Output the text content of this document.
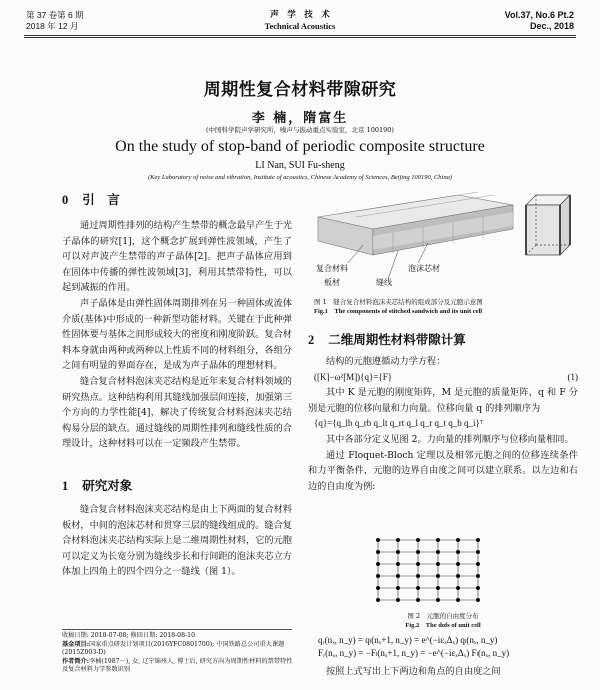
第 37 卷第 6 期
2018 年 12 月
声　学　技　术
Technical Acoustics
Vol.37, No.6 Pt.2
Dec., 2018
周期性复合材料带隙研究
李 楠，隋富生
(中国科学院声学研究所，噪声与振动重点实验室，北京 100190)
On the study of stop-band of periodic composite structure
LI Nan, SUI Fu-sheng
(Key Laboratory of noise and vibration, Institute of acoustics, Chinese Academy of Sciences, Beijing 100190, China)
0 引　言

通过周期性排列的结构产生禁带的概念最早产生于光子晶体的研究[1]，这个概念扩展到弹性波领域，产生了可以对声波产生禁带的声子晶体[2]。把声子晶体应用到在固体中传播的弹性波领域[3]，利用其禁带特性，可以起到减振的作用。

声子晶体是由弹性固体周期排列在另一种固体或流体介质(基体)中形成的一种新型功能材料。关键在于此种弹性固体要与基体之间形成较大的密度和刚度阶跃。复合材料本身就由两种或两种以上性质不同的材料组分，各组分之间有明显的界面存在，是成为声子晶体的理想材料。

缝合复合材料泡沫夹芯结构是近年来复合材料领域的研究热点。这种结构利用其缝线加强层间连接，加强第三个方向的力学性能[4]，解决了传统复合材料泡沫夹芯结构易分层的缺点。通过缝线的周期性排列和缝线性质的合理设计，这种材料可以在一定频段产生禁带。

1 研究对象

缝合复合材料泡沫夹芯结构是由上下两面的复合材料板材，中间的泡沫芯材和贯穿三层的缝线组成的。缝合复合材料泡沫夹芯结构实际上是二维周期性材料，它的元胞可以定义为长宽分别为缝线步长和行间距的泡沫夹芯立方体加上四角上的四个四分之一缝线（图 1）。

收稿日期: 2018-07-08; 修回日期: 2018-08-10
基金项目:国家重点研发计划项目(2016YFC0801700); 中国铁路总公司重大课题(2015Z003-D)
作者简介:李楠(1987－), 女, 辽宁锦州人, 博士后, 研究方向为周期性材料的禁带特性及复合材料力学参数识别
复合材料	泡沫芯材
板材	缝线
图 1　缝合复合材料泡沫夹芯结构的组成部分及元胞示意图
Fig.1　The components of stitched sandwich and its unit cell
2 二维周期性材料带隙计算

结构的元胞遵循动力学方程：

([K]−ω²[M]){q}={F}	(1)

其中 K 是元胞的刚度矩阵，M 是元胞的质量矩阵，q 和 F 分别是元胞的位移向量和力向量。位移向量 q 的排列顺序为

{q}={q_lb q_rb q_lt q_rt q_l q_r q_t q_b q_i}ᵀ

其中各部分定义见图 2。力向量的排列顺序与位移向量相同。

通过 Floquet-Bloch 定理以及相邻元胞之间的位移连续条件和力平衡条件，元胞的边界自由度之间可以建立联系。以左边和右边的自由度为例:

图 2　元胞的自由度分布
Fig.2　The dofs of unit cell
qᵣ(nₓ, n_y) = qₗ(nₓ+1, n_y) = e^(−iεₓΔₓ) qₗ(nₓ, n_y)
Fᵣ(nₓ, n_y) = −Fₗ(nₓ+1, n_y) = −e^(−iεₓΔₓ) Fₗ(nₓ, n_y)

按照上式写出上下两边和角点的自由度之间
